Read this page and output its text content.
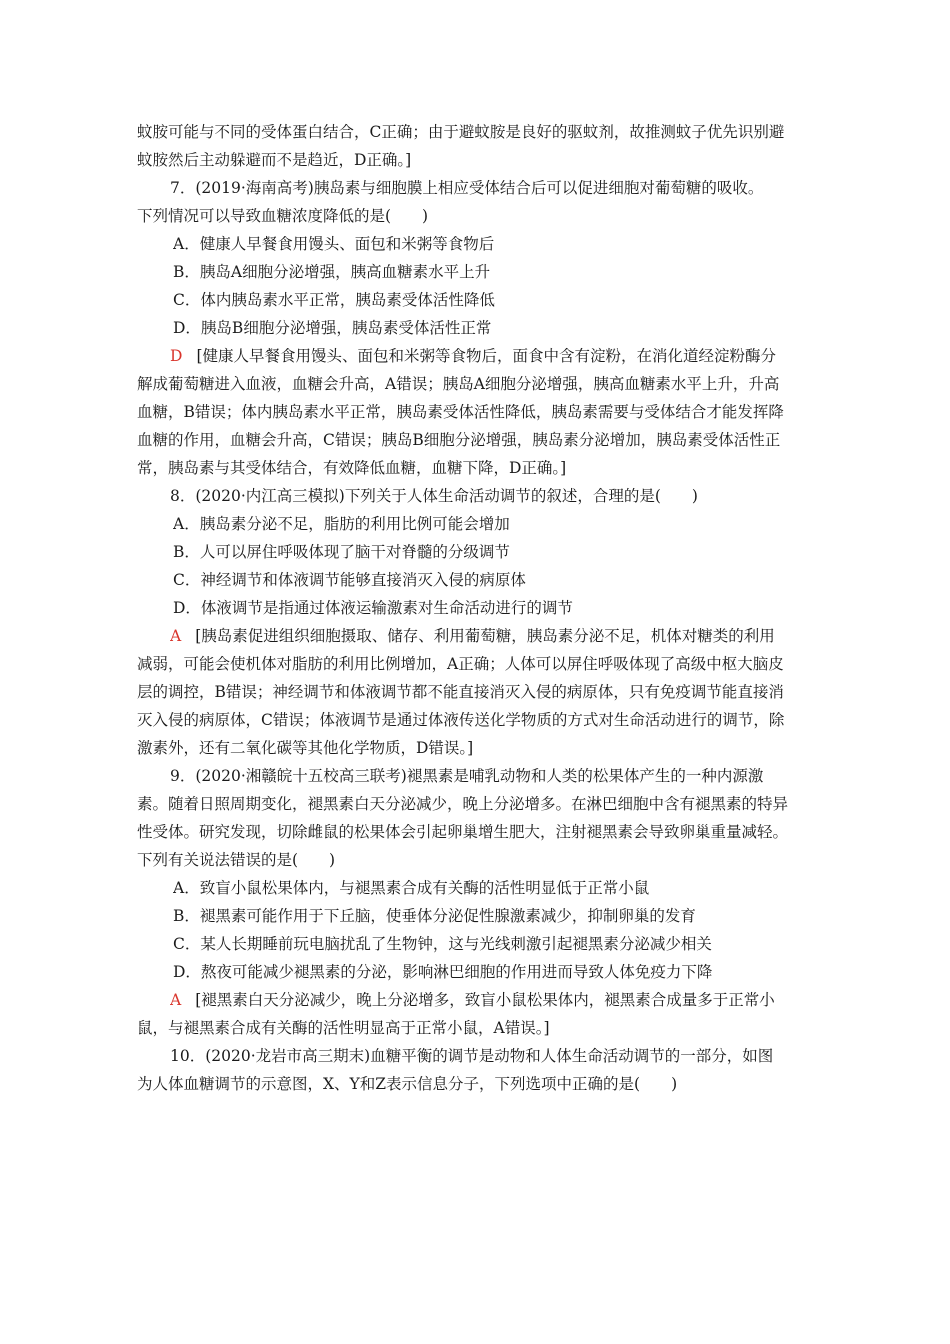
蚊胺可能与不同的受体蛋白结合，C正确；由于避蚊胺是良好的驱蚊剂，故推测蚊子优先识别避
蚊胺然后主动躲避而不是趋近，D正确。]
7．(2019·海南高考)胰岛素与细胞膜上相应受体结合后可以促进细胞对葡萄糖的吸收。
下列情况可以导致血糖浓度降低的是(　　)
A．健康人早餐食用馒头、面包和米粥等食物后
B．胰岛A细胞分泌增强，胰高血糖素水平上升
C．体内胰岛素水平正常，胰岛素受体活性降低
D．胰岛B细胞分泌增强，胰岛素受体活性正常
D [健康人早餐食用馒头、面包和米粥等食物后，面食中含有淀粉，在消化道经淀粉酶分
解成葡萄糖进入血液，血糖会升高，A错误；胰岛A细胞分泌增强，胰高血糖素水平上升，升高
血糖，B错误；体内胰岛素水平正常，胰岛素受体活性降低，胰岛素需要与受体结合才能发挥降
血糖的作用，血糖会升高，C错误；胰岛B细胞分泌增强，胰岛素分泌增加，胰岛素受体活性正
常，胰岛素与其受体结合，有效降低血糖，血糖下降，D正确。]
8．(2020·内江高三模拟)下列关于人体生命活动调节的叙述，合理的是(　　)
A．胰岛素分泌不足，脂肪的利用比例可能会增加
B．人可以屏住呼吸体现了脑干对脊髓的分级调节
C．神经调节和体液调节能够直接消灭入侵的病原体
D．体液调节是指通过体液运输激素对生命活动进行的调节
A [胰岛素促进组织细胞摄取、储存、利用葡萄糖，胰岛素分泌不足，机体对糖类的利用
减弱，可能会使机体对脂肪的利用比例增加，A正确；人体可以屏住呼吸体现了高级中枢大脑皮
层的调控，B错误；神经调节和体液调节都不能直接消灭入侵的病原体，只有免疫调节能直接消
灭入侵的病原体，C错误；体液调节是通过体液传送化学物质的方式对生命活动进行的调节，除
激素外，还有二氧化碳等其他化学物质，D错误。]
9．(2020·湘赣皖十五校高三联考)褪黑素是哺乳动物和人类的松果体产生的一种内源激
素。随着日照周期变化，褪黑素白天分泌减少，晚上分泌增多。在淋巴细胞中含有褪黑素的特异
性受体。研究发现，切除雌鼠的松果体会引起卵巢增生肥大，注射褪黑素会导致卵巢重量减轻。
下列有关说法错误的是(　　)
A．致盲小鼠松果体内，与褪黑素合成有关酶的活性明显低于正常小鼠
B．褪黑素可能作用于下丘脑，使垂体分泌促性腺激素减少，抑制卵巢的发育
C．某人长期睡前玩电脑扰乱了生物钟，这与光线刺激引起褪黑素分泌减少相关
D．熬夜可能减少褪黑素的分泌，影响淋巴细胞的作用进而导致人体免疫力下降
A [褪黑素白天分泌减少，晚上分泌增多，致盲小鼠松果体内，褪黑素合成量多于正常小
鼠，与褪黑素合成有关酶的活性明显高于正常小鼠，A错误。]
10．(2020·龙岩市高三期末)血糖平衡的调节是动物和人体生命活动调节的一部分，如图
为人体血糖调节的示意图，X、Y和Z表示信息分子，下列选项中正确的是(　　)
